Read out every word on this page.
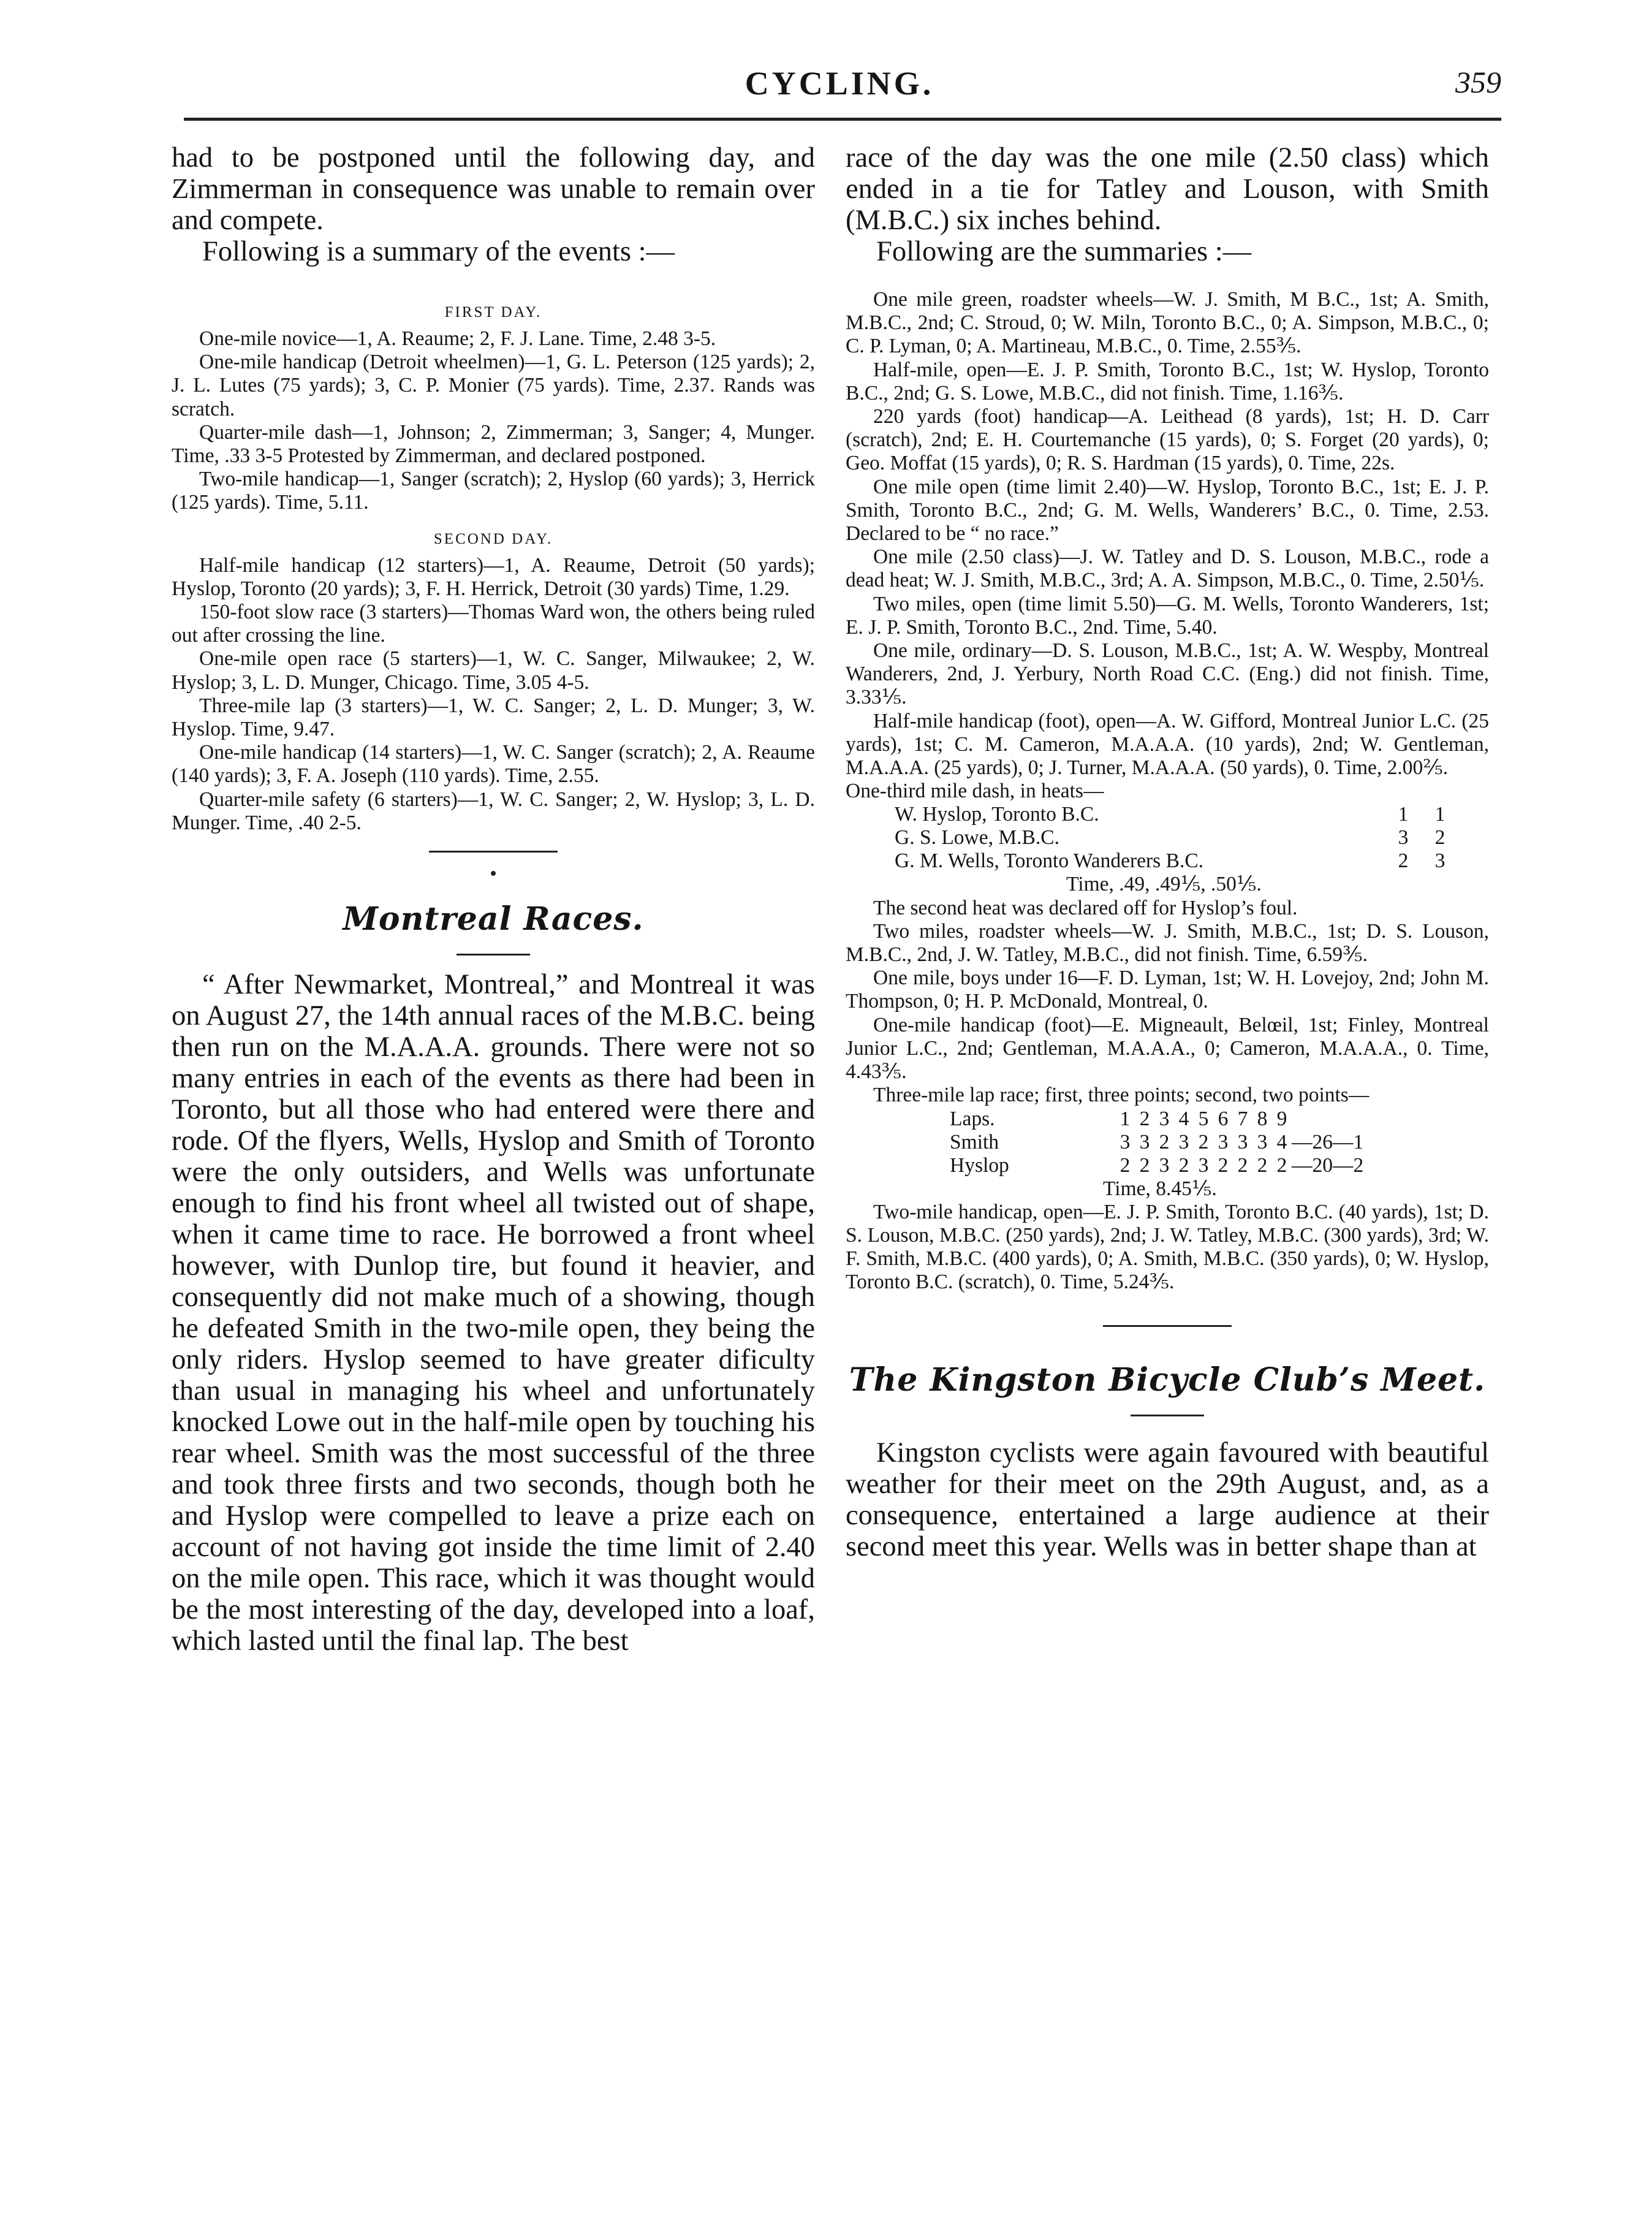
CYCLING.	359

had to be postponed until the following day, and Zimmerman in consequence was unable to remain over and compete.

Following is a summary of the events :—

FIRST DAY.

One-mile novice—1, A. Reaume; 2, F. J. Lane. Time, 2.48 3-5.

One-mile handicap (Detroit wheelmen)—1, G. L. Peterson (125 yards); 2, J. L. Lutes (75 yards); 3, C. P. Monier (75 yards). Time, 2.37. Rands was scratch.

Quarter-mile dash—1, Johnson; 2, Zimmerman; 3, Sanger; 4, Munger. Time, .33 3-5 Protested by Zimmerman, and declared postponed.

Two-mile handicap—1, Sanger (scratch); 2, Hyslop (60 yards); 3, Herrick (125 yards). Time, 5.11.

SECOND DAY.

Half-mile handicap (12 starters)—1, A. Reaume, Detroit (50 yards); Hyslop, Toronto (20 yards); 3, F. H. Herrick, Detroit (30 yards) Time, 1.29.

150-foot slow race (3 starters)—Thomas Ward won, the others being ruled out after crossing the line.

One-mile open race (5 starters)—1, W. C. Sanger, Milwaukee; 2, W. Hyslop; 3, L. D. Munger, Chicago. Time, 3.05 4-5.

Three-mile lap (3 starters)—1, W. C. Sanger; 2, L. D. Munger; 3, W. Hyslop. Time, 9.47.

One-mile handicap (14 starters)—1, W. C. Sanger (scratch); 2, A. Reaume (140 yards); 3, F. A. Joseph (110 yards). Time, 2.55.

Quarter-mile safety (6 starters)—1, W. C. Sanger; 2, W. Hyslop; 3, L. D. Munger. Time, .40 2-5.

Montreal Races.

“ After Newmarket, Montreal,” and Montreal it was on August 27, the 14th annual races of the M.B.C. being then run on the M.A.A.A. grounds. There were not so many entries in each of the events as there had been in Toronto, but all those who had entered were there and rode. Of the flyers, Wells, Hyslop and Smith of Toronto were the only outsiders, and Wells was unfortunate enough to find his front wheel all twisted out of shape, when it came time to race. He borrowed a front wheel however, with Dunlop tire, but found it heavier, and consequently did not make much of a showing, though he defeated Smith in the two-mile open, they being the only riders. Hyslop seemed to have greater dificulty than usual in managing his wheel and unfortunately knocked Lowe out in the half-mile open by touching his rear wheel. Smith was the most successful of the three and took three firsts and two seconds, though both he and Hyslop were compelled to leave a prize each on account of not having got inside the time limit of 2.40 on the mile open. This race, which it was thought would be the most interesting of the day, developed into a loaf, which lasted until the final lap. The best

race of the day was the one mile (2.50 class) which ended in a tie for Tatley and Louson, with Smith (M.B.C.) six inches behind.

Following are the summaries :—

One mile green, roadster wheels—W. J. Smith, M B.C., 1st; A. Smith, M.B.C., 2nd; C. Stroud, 0; W. Miln, Toronto B.C., 0; A. Simpson, M.B.C., 0; C. P. Lyman, 0; A. Martineau, M.B.C., 0. Time, 2.55⅗.

Half-mile, open—E. J. P. Smith, Toronto B.C., 1st; W. Hyslop, Toronto B.C., 2nd; G. S. Lowe, M.B.C., did not finish. Time, 1.16⅗.

220 yards (foot) handicap—A. Leithead (8 yards), 1st; H. D. Carr (scratch), 2nd; E. H. Courtemanche (15 yards), 0; S. Forget (20 yards), 0; Geo. Moffat (15 yards), 0; R. S. Hardman (15 yards), 0. Time, 22s.

One mile open (time limit 2.40)—W. Hyslop, Toronto B.C., 1st; E. J. P. Smith, Toronto B.C., 2nd; G. M. Wells, Wanderers’ B.C., 0. Time, 2.53. Declared to be “ no race.”

One mile (2.50 class)—J. W. Tatley and D. S. Louson, M.B.C., rode a dead heat; W. J. Smith, M.B.C., 3rd; A. A. Simpson, M.B.C., 0. Time, 2.50⅕.

Two miles, open (time limit 5.50)—G. M. Wells, Toronto Wanderers, 1st; E. J. P. Smith, Toronto B.C., 2nd. Time, 5.40.

One mile, ordinary—D. S. Louson, M.B.C., 1st; A. W. Wespby, Montreal Wanderers, 2nd, J. Yerbury, North Road C.C. (Eng.) did not finish. Time, 3.33⅕.

Half-mile handicap (foot), open—A. W. Gifford, Montreal Junior L.C. (25 yards), 1st; C. M. Cameron, M.A.A.A. (10 yards), 2nd; W. Gentleman, M.A.A.A. (25 yards), 0; J. Turner, M.A.A.A. (50 yards), 0. Time, 2.00⅖.

One-third mile dash, in heats—

W. Hyslop, Toronto B.C.	1	1
G. S. Lowe, M.B.C.	3	2
G. M. Wells, Toronto Wanderers B.C.	2	3

Time, .49, .49⅕, .50⅕.

The second heat was declared off for Hyslop’s foul.

Two miles, roadster wheels—W. J. Smith, M.B.C., 1st; D. S. Louson, M.B.C., 2nd, J. W. Tatley, M.B.C., did not finish. Time, 6.59⅗.

One mile, boys under 16—F. D. Lyman, 1st; W. H. Lovejoy, 2nd; John M. Thompson, 0; H. P. McDonald, Montreal, 0.

One-mile handicap (foot)—E. Migneault, Belœil, 1st; Finley, Montreal Junior L.C., 2nd; Gentleman, M.A.A.A., 0; Cameron, M.A.A.A., 0. Time, 4.43⅗.

Three-mile lap race; first, three points; second, two points—

Laps.	1	2	3	4	5	6	7	8	9	
Smith	3	3	2	3	2	3	3	3	4	—26—1
Hyslop	2	2	3	2	3	2	2	2	2	—20—2

Time, 8.45⅕.

Two-mile handicap, open—E. J. P. Smith, Toronto B.C. (40 yards), 1st; D. S. Louson, M.B.C. (250 yards), 2nd; J. W. Tatley, M.B.C. (300 yards), 3rd; W. F. Smith, M.B.C. (400 yards), 0; A. Smith, M.B.C. (350 yards), 0; W. Hyslop, Toronto B.C. (scratch), 0. Time, 5.24⅗.

The Kingston Bicycle Club’s Meet.

Kingston cyclists were again favoured with beautiful weather for their meet on the 29th August, and, as a consequence, entertained a large audience at their second meet this year. Wells was in better shape than at
